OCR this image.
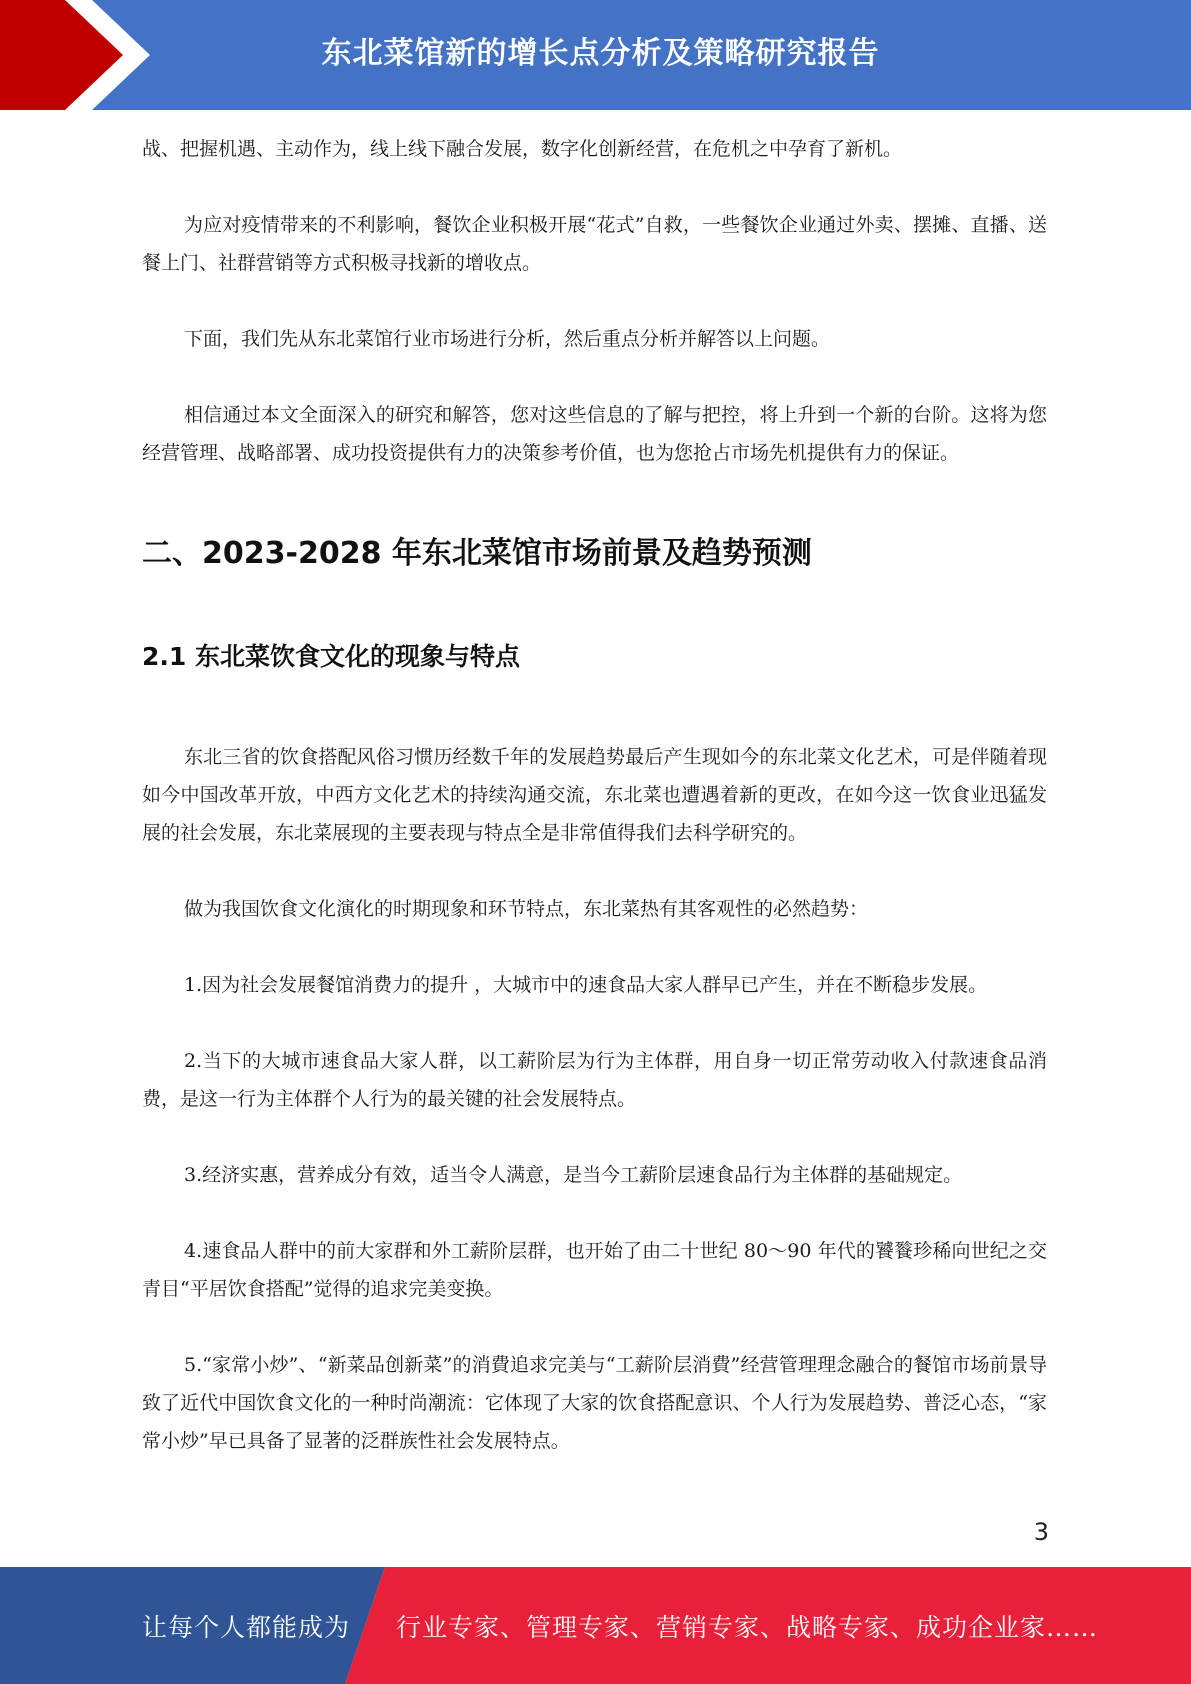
东北菜馆新的增长点分析及策略研究报告

战、把握机遇、主动作为，线上线下融合发展，数字化创新经营，在危机之中孕育了新机。

为应对疫情带来的不利影响，餐饮企业积极开展“花式”自救，一些餐饮企业通过外卖、摆摊、直播、送餐上门、社群营销等方式积极寻找新的增收点。

下面，我们先从东北菜馆行业市场进行分析，然后重点分析并解答以上问题。

相信通过本文全面深入的研究和解答，您对这些信息的了解与把控，将上升到一个新的台阶。这将为您经营管理、战略部署、成功投资提供有力的决策参考价值，也为您抢占市场先机提供有力的保证。

二、2023-2028 年东北菜馆市场前景及趋势预测
2.1 东北菜饮食文化的现象与特点

东北三省的饮食搭配风俗习惯历经数千年的发展趋势最后产生现如今的东北菜文化艺术，可是伴随着现如今中国改革开放，中西方文化艺术的持续沟通交流，东北菜也遭遇着新的更改，在如今这一饮食业迅猛发展的社会发展，东北菜展现的主要表现与特点全是非常值得我们去科学研究的。

做为我国饮食文化演化的时期现象和环节特点，东北菜热有其客观性的必然趋势：

1.因为社会发展餐馆消费力的提升 ，大城市中的速食品大家人群早已产生，并在不断稳步发展。

2.当下的大城市速食品大家人群，以工薪阶层为行为主体群，用自身一切正常劳动收入付款速食品消费，是这一行为主体群个人行为的最关键的社会发展特点。

3.经济实惠，营养成分有效，适当令人满意，是当今工薪阶层速食品行为主体群的基础规定。

4.速食品人群中的前大家群和外工薪阶层群，也开始了由二十世纪 80～90 年代的饕餮珍稀向世纪之交青目“平居饮食搭配”觉得的追求完美变换。

5.“家常小炒”、“新菜品创新菜”的消費追求完美与“工薪阶层消費”经营管理理念融合的餐馆市场前景导致了近代中国饮食文化的一种时尚潮流：它体现了大家的饮食搭配意识、个人行为发展趋势、普泛心态，“家常小炒”早已具备了显著的泛群族性社会发展特点。

3
让每个人都能成为 行业专家、管理专家、营销专家、战略专家、成功企业家……
